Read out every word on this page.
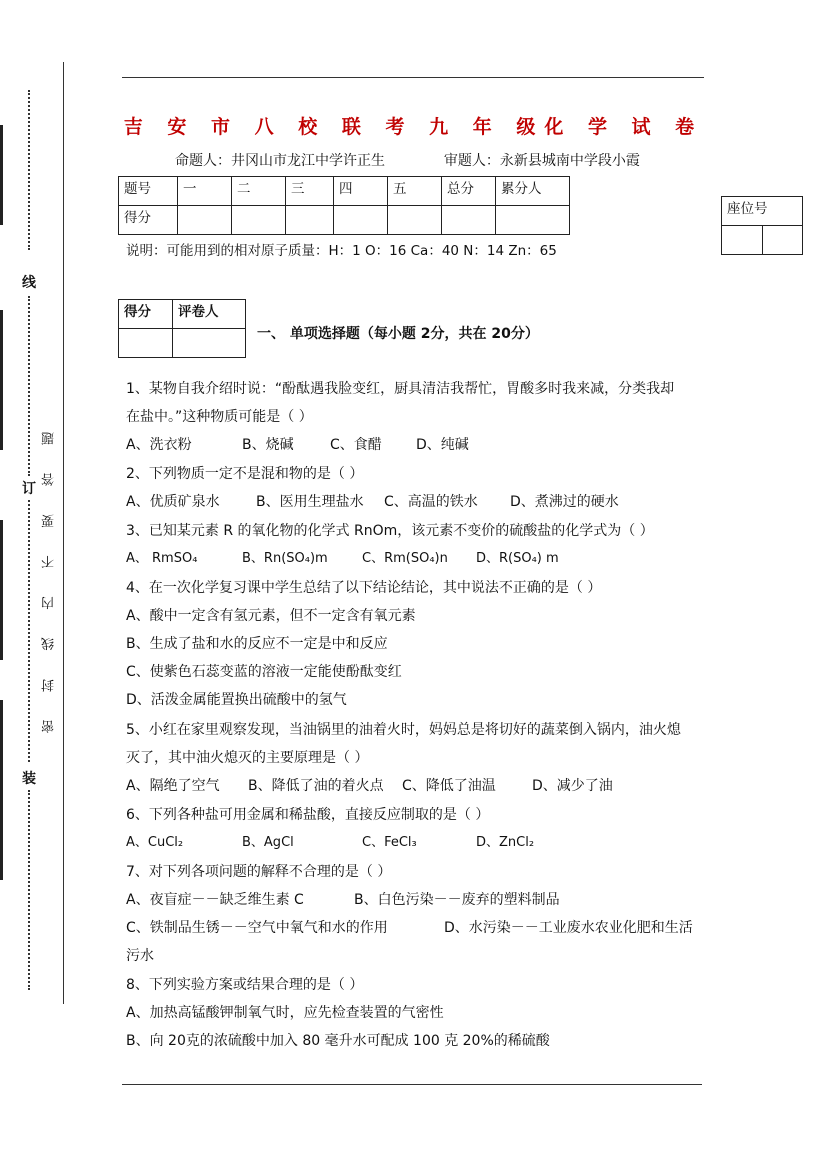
线
订
装
密 封 线 内 不 要 答 题
吉 安 市 八 校 联 考 九 年 级化 学 试 卷
命题人：井冈山市龙江中学许正生	审题人：永新县城南中学段小霞
题号	一	二	三	四	五	总分	累分人
得分							
座位号

说明：可能用到的相对原子质量：H：1 O：16 Ca：40 N：14 Zn：65
得分	评卷人

一、 单项选择题（每小题 2分，共在 20分）
1、某物自我介绍时说：“酚酞遇我脸变红，厨具清洁我帮忙，胃酸多时我来减，分类我却
在盐中。”这种物质可能是（ ）
A、洗衣粉	B、烧碱	C、食醋 D、纯碱
2、下列物质一定不是混和物的是（ ）
A、优质矿泉水	B、医用生理盐水 C、高温的铁水 D、煮沸过的硬水
3、已知某元素 R 的氧化物的化学式 RnOm，该元素不变价的硫酸盐的化学式为（ ）
A、 RmSO₄	B、Rn(SO₄)m	C、Rm(SO₄)n D、R(SO₄) m
4、在一次化学复习课中学生总结了以下结论结论，其中说法不正确的是（ ）
A、酸中一定含有氢元素，但不一定含有氧元素
B、生成了盐和水的反应不一定是中和反应
C、使紫色石蕊变蓝的溶液一定能使酚酞变红
D、活泼金属能置换出硫酸中的氢气
5、小红在家里观察发现，当油锅里的油着火时，妈妈总是将切好的蔬菜倒入锅内，油火熄
灭了，其中油火熄灭的主要原理是（ ）
A、隔绝了空气 B、降低了油的着火点 C、降低了油温	D、减少了油
6、下列各种盐可用金属和稀盐酸，直接反应制取的是（ ）
A、CuCl₂	B、AgCl	C、FeCl₃	D、ZnCl₂
7、对下列各项问题的解释不合理的是（ ）
A、夜盲症－－缺乏维生素 C	B、白色污染－－废弃的塑料制品
C、铁制品生锈－－空气中氧气和水的作用	D、水污染－－工业废水农业化肥和生活
污水
8、下列实验方案或结果合理的是（ ）
A、加热高锰酸钾制氧气时，应先检查装置的气密性
B、向 20克的浓硫酸中加入 80 毫升水可配成 100 克 20%的稀硫酸
